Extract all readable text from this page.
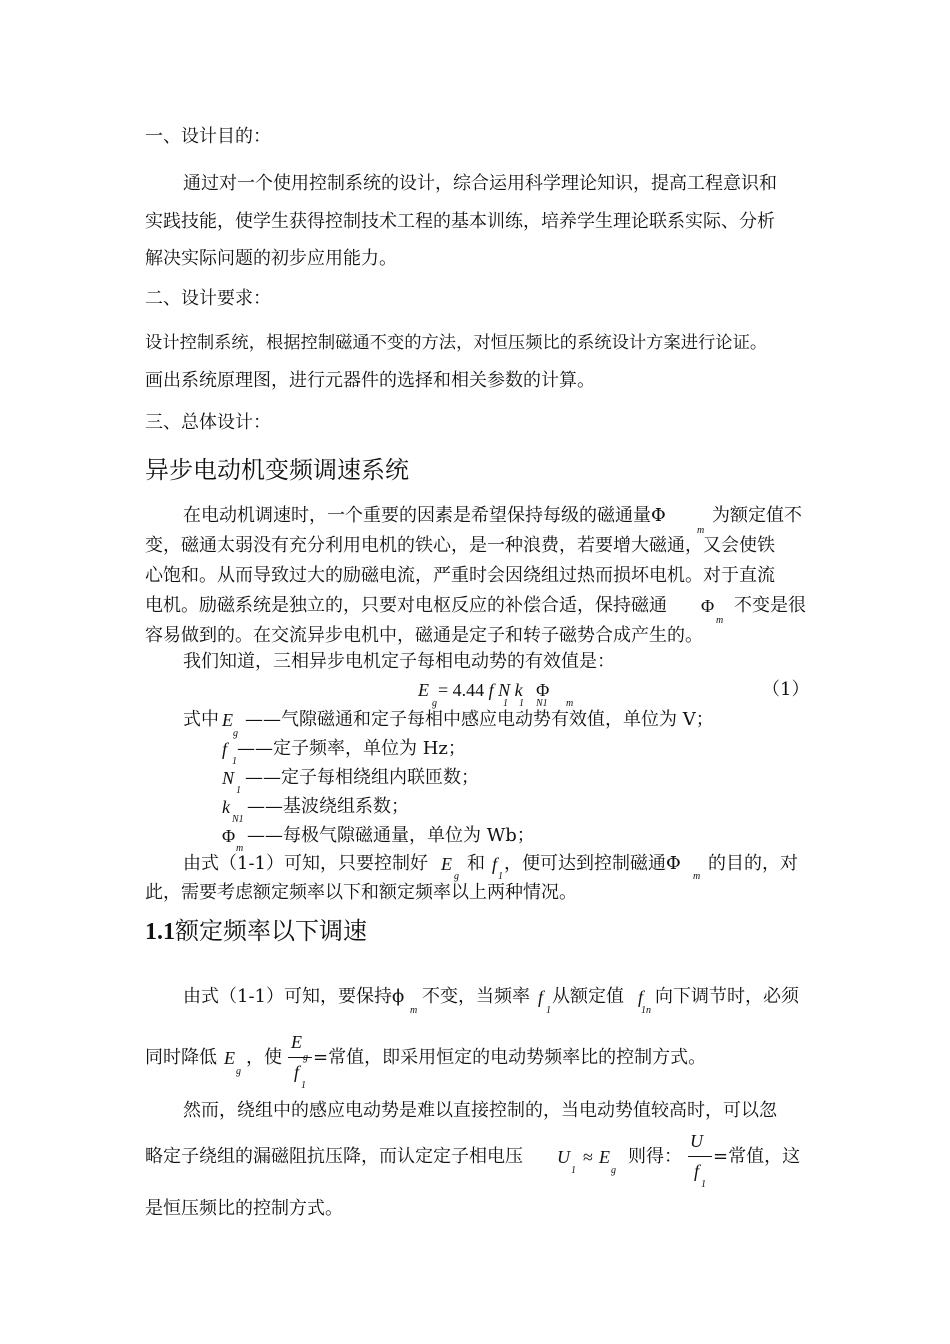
一、设计目的：
通过对一个使用控制系统的设计，综合运用科学理论知识，提高工程意识和
实践技能，使学生获得控制技术工程的基本训练，培养学生理论联系实际、分析
解决实际问题的初步应用能力。
二、设计要求：
设计控制系统，根据控制磁通不变的方法，对恒压频比的系统设计方案进行论证。
画出系统原理图，进行元器件的选择和相关参数的计算。
三、总体设计：
异步电动机变频调速系统
在电动机调速时，一个重要的因素是希望保持每级的磁通量Φ
m
为额定值不
变，磁通太弱没有充分利用电机的铁心，是一种浪费，若要增大磁通，又会使铁
心饱和。从而导致过大的励磁电流，严重时会因绕组过热而损坏电机。对于直流
电机。励磁系统是独立的，只要对电枢反应的补偿合适，保持磁通 Φ
m
不变是很
容易做到的。在交流异步电机中，磁通是定子和转子磁势合成产生的。
我们知道，三相异步电机定子每相电动势的有效值是：
E  = 4.44 f N k   Φ
g	1 1 N1 m
（1）
式中 E
g
——气隙磁通和定子每相中感应电动势有效值，单位为 V；
f
1
——定子频率，单位为 Hz；
N
1
——定子每相绕组内联匝数；
k
N1
——基波绕组系数；
Φ
m
——每极气隙磁通量，单位为 Wb；
由式（1-1）可知，只要控制好 E
g
和 f
1
，便可达到控制磁通Φ
m
的目的，对
此，需要考虑额定频率以下和额定频率以上两种情况。
1.1额定频率以下调速
由式（1-1）可知，要保持ϕ
m
不变，当频率 f
1
从额定值 f
1n
向下调节时，必须
同时降低 E
g
，使
E
f
1
=常值，即采用恒定的电动势频率比的控制方式。
然而，绕组中的感应电动势是难以直接控制的，当电动势值较高时，可以忽
略定子绕组的漏磁阻抗压降，而认定定子相电压 U
1
≈ E
g
则得：
U
f
1
=常值，这
是恒压频比的控制方式。
